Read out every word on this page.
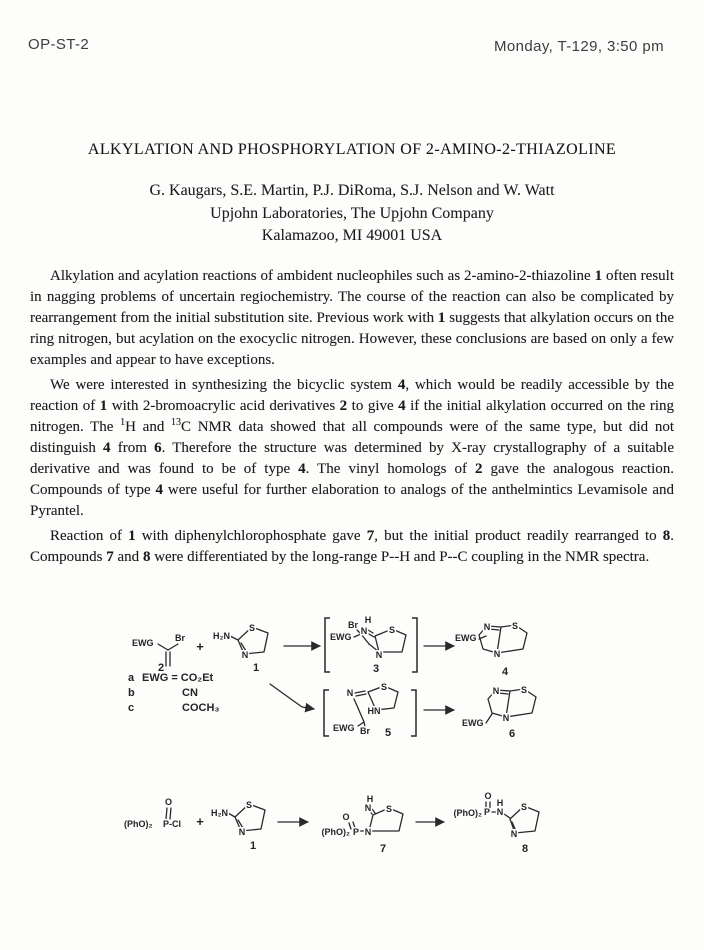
OP-ST-2	Monday, T-129, 3:50 pm
ALKYLATION AND PHOSPHORYLATION OF 2-AMINO-2-THIAZOLINE
G. Kaugars, S.E. Martin, P.J. DiRoma, S.J. Nelson and W. Watt
Upjohn Laboratories, The Upjohn Company
Kalamazoo, MI 49001 USA

Alkylation and acylation reactions of ambident nucleophiles such as 2-amino-2-thiazoline 1 often result in nagging problems of uncertain regiochemistry. The course of the reaction can also be complicated by rearrangement from the initial substitution site. Previous work with 1 suggests that alkylation occurs on the ring nitrogen, but acylation on the exocyclic nitrogen. However, these conclusions are based on only a few examples and appear to have exceptions.

We were interested in synthesizing the bicyclic system 4, which would be readily accessible by the reaction of 1 with 2-bromoacrylic acid derivatives 2 to give 4 if the initial alkylation occurred on the ring nitrogen. The $^1$H and $^{13}$C NMR data showed that all compounds were of the same type, but did not distinguish 4 from 6. Therefore the structure was determined by X-ray crystallography of a suitable derivative and was found to be of type 4. The vinyl homologs of 2 gave the analogous reaction. Compounds of type 4 were useful for further elaboration to analogs of the anthelmintics Levamisole and Pyrantel.

Reaction of 1 with diphenylchlorophosphate gave 7, but the initial product readily rearranged to 8. Compounds 7 and 8 were differentiated by the long-range P--H and P--C coupling in the NMR spectra.

EWG Br
2
+
H₂N
S
N
1
EWG
Br H
N S
N
3
EWG
N S
N
4
a EWG = CO₂Et
b	CN
c	COCH₃
N
S
HN
EWG Br 5
EWG
N S
N
6
(PhO)₂ P-Cl
O
+
H₂N
S
N
1
(PhO)₂ P
O
N
H
N S
7
(PhO)₂ P
O
H
N S
N
8
